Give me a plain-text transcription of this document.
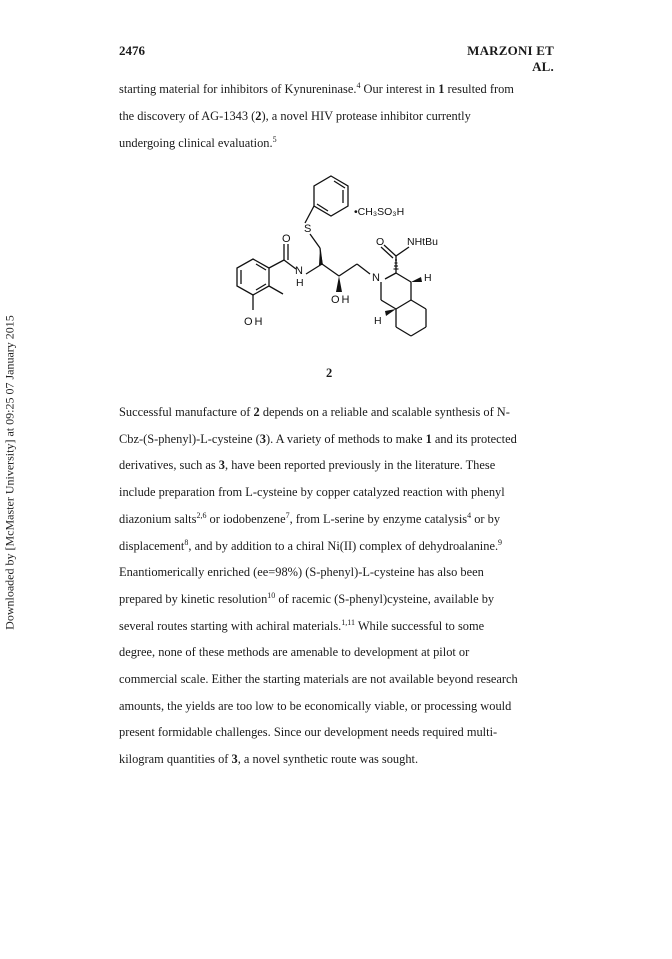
Downloaded by [McMaster University] at 09:25 07 January 2015
2476	MARZONI ET AL.
starting material for inhibitors of Kynureninase.$^4$ Our interest in 1 resulted from
the discovery of AG-1343 (2), a novel HIV protease inhibitor currently
undergoing clinical evaluation.$^5$
S
•CH₃SO₃H
O NHtBu
O
N
H	N
OH
OH
H
H
2
Successful manufacture of 2 depends on a reliable and scalable synthesis of N-
Cbz-(S-phenyl)-L-cysteine (3). A variety of methods to make 1 and its protected
derivatives, such as 3, have been reported previously in the literature. These
include preparation from L-cysteine by copper catalyzed reaction with phenyl
diazonium salts$^{2,6}$ or iodobenzene$^7$, from L-serine by enzyme catalysis$^4$ or by
displacement$^8$, and by addition to a chiral Ni(II) complex of dehydroalanine.$^9$
Enantiomerically enriched (ee=98%) (S-phenyl)-L-cysteine has also been
prepared by kinetic resolution$^{10}$ of racemic (S-phenyl)cysteine, available by
several routes starting with achiral materials.$^{1,11}$ While successful to some
degree, none of these methods are amenable to development at pilot or
commercial scale. Either the starting materials are not available beyond research
amounts, the yields are too low to be economically viable, or processing would
present formidable challenges. Since our development needs required multi-
kilogram quantities of 3, a novel synthetic route was sought.
